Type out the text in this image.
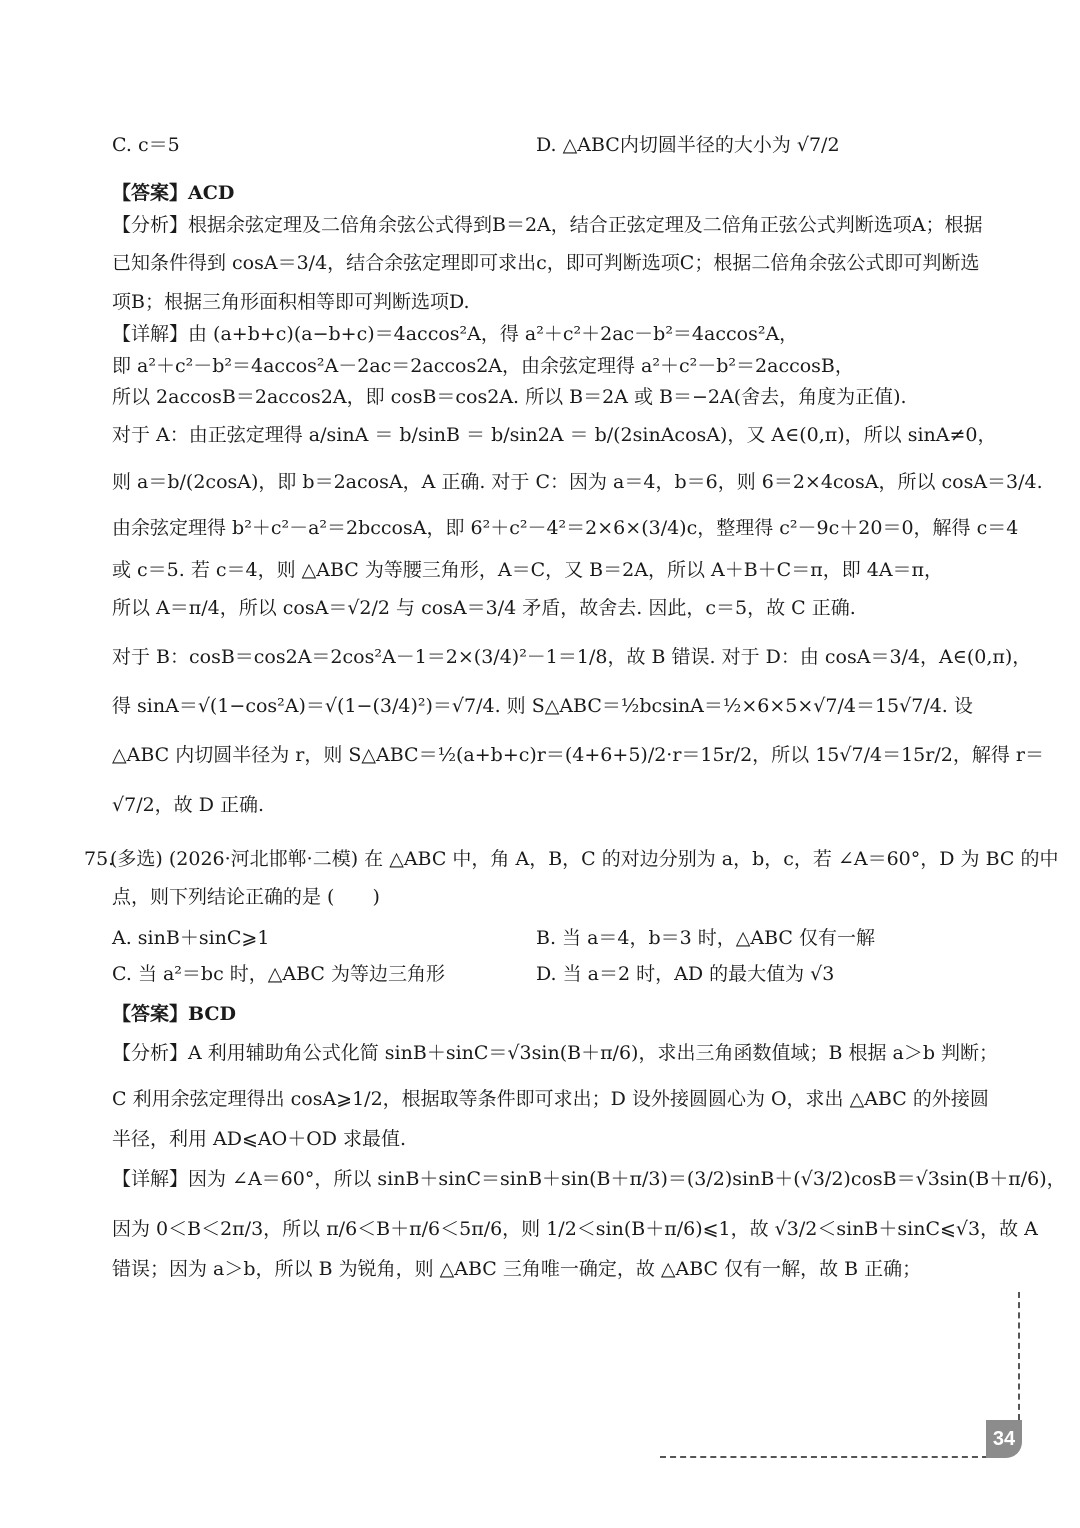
C. c＝5	D. △ABC内切圆半径的大小为 √7/2
【答案】ACD
【分析】根据余弦定理及二倍角余弦公式得到B＝2A，结合正弦定理及二倍角正弦公式判断选项A；根据
已知条件得到 cosA＝3/4，结合余弦定理即可求出c，即可判断选项C；根据二倍角余弦公式即可判断选
项B；根据三角形面积相等即可判断选项D.
【详解】由 (a+b+c)(a−b+c)＝4accos²A，得 a²＋c²＋2ac－b²＝4accos²A，
即 a²＋c²－b²＝4accos²A－2ac＝2accos2A，由余弦定理得 a²＋c²－b²＝2accosB，
所以 2accosB＝2accos2A，即 cosB＝cos2A. 所以 B＝2A 或 B＝−2A(舍去，角度为正值).
对于 A：由正弦定理得 a/sinA ＝ b/sinB ＝ b/sin2A ＝ b/(2sinAcosA)，又 A∈(0,π)，所以 sinA≠0，
则 a＝b/(2cosA)，即 b＝2acosA，A 正确. 对于 C：因为 a＝4，b＝6，则 6＝2×4cosA，所以 cosA＝3/4.
由余弦定理得 b²＋c²－a²＝2bccosA，即 6²＋c²－4²＝2×6×(3/4)c，整理得 c²－9c＋20＝0，解得 c＝4
或 c＝5. 若 c＝4，则 △ABC 为等腰三角形，A＝C，又 B＝2A，所以 A＋B＋C＝π，即 4A＝π，
所以 A＝π/4，所以 cosA＝√2/2 与 cosA＝3/4 矛盾，故舍去. 因此，c＝5，故 C 正确.
对于 B：cosB＝cos2A＝2cos²A－1＝2×(3/4)²－1＝1/8，故 B 错误. 对于 D：由 cosA＝3/4，A∈(0,π)，
得 sinA＝√(1−cos²A)＝√(1−(3/4)²)＝√7/4. 则 S△ABC＝½bcsinA＝½×6×5×√7/4＝15√7/4. 设
△ABC 内切圆半径为 r，则 S△ABC＝½(a+b+c)r＝(4+6+5)/2·r＝15r/2，所以 15√7/4＝15r/2，解得 r＝
√7/2，故 D 正确.
75.
(多选) (2026·河北邯郸·二模) 在 △ABC 中，角 A，B，C 的对边分别为 a，b，c，若 ∠A＝60°，D 为 BC 的中
点，则下列结论正确的是 (　　)
A. sinB＋sinC⩾1	B. 当 a＝4，b＝3 时，△ABC 仅有一解
C. 当 a²＝bc 时，△ABC 为等边三角形	D. 当 a＝2 时，AD 的最大值为 √3
【答案】BCD
【分析】A 利用辅助角公式化简 sinB＋sinC＝√3sin(B＋π/6)，求出三角函数值域；B 根据 a＞b 判断；
C 利用余弦定理得出 cosA⩾1/2，根据取等条件即可求出；D 设外接圆圆心为 O，求出 △ABC 的外接圆
半径，利用 AD⩽AO＋OD 求最值.
【详解】因为 ∠A＝60°，所以 sinB＋sinC＝sinB＋sin(B＋π/3)＝(3/2)sinB＋(√3/2)cosB＝√3sin(B＋π/6)，
因为 0＜B＜2π/3，所以 π/6＜B＋π/6＜5π/6，则 1/2＜sin(B＋π/6)⩽1，故 √3/2＜sinB＋sinC⩽√3，故 A
错误；因为 a＞b，所以 B 为锐角，则 △ABC 三角唯一确定，故 △ABC 仅有一解，故 B 正确；
34
